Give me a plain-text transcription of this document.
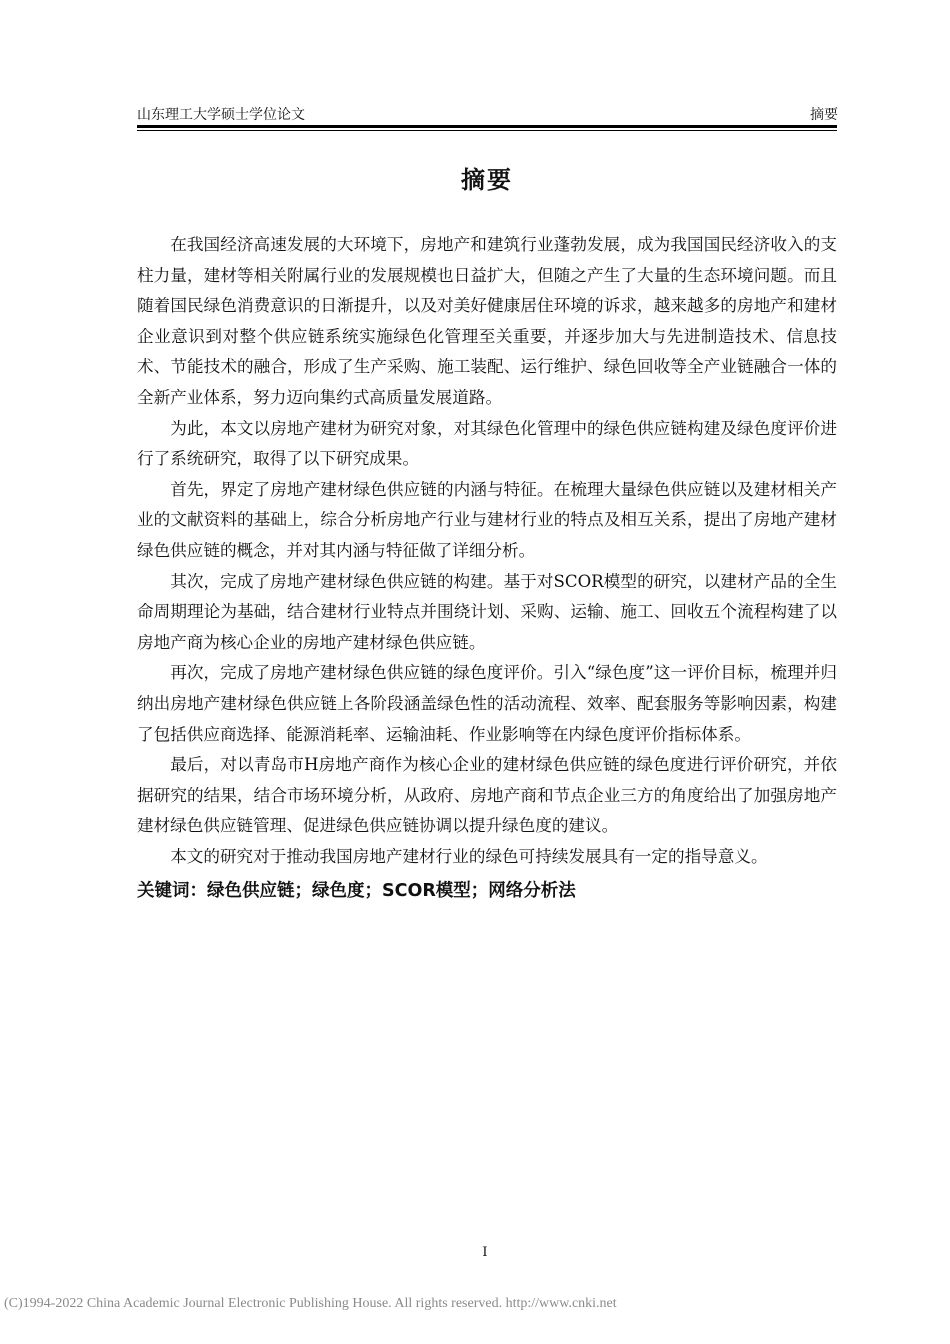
山东理工大学硕士学位论文	摘要
摘要

在我国经济高速发展的大环境下，房地产和建筑行业蓬勃发展，成为我国国民经济收入的支柱力量，建材等相关附属行业的发展规模也日益扩大，但随之产生了大量的生态环境问题。而且随着国民绿色消费意识的日渐提升，以及对美好健康居住环境的诉求，越来越多的房地产和建材企业意识到对整个供应链系统实施绿色化管理至关重要，并逐步加大与先进制造技术、信息技术、节能技术的融合，形成了生产采购、施工装配、运行维护、绿色回收等全产业链融合一体的全新产业体系，努力迈向集约式高质量发展道路。

为此，本文以房地产建材为研究对象，对其绿色化管理中的绿色供应链构建及绿色度评价进行了系统研究，取得了以下研究成果。

首先，界定了房地产建材绿色供应链的内涵与特征。在梳理大量绿色供应链以及建材相关产业的文献资料的基础上，综合分析房地产行业与建材行业的特点及相互关系，提出了房地产建材绿色供应链的概念，并对其内涵与特征做了详细分析。

其次，完成了房地产建材绿色供应链的构建。基于对SCOR模型的研究，以建材产品的全生命周期理论为基础，结合建材行业特点并围绕计划、采购、运输、施工、回收五个流程构建了以房地产商为核心企业的房地产建材绿色供应链。

再次，完成了房地产建材绿色供应链的绿色度评价。引入“绿色度”这一评价目标，梳理并归纳出房地产建材绿色供应链上各阶段涵盖绿色性的活动流程、效率、配套服务等影响因素，构建了包括供应商选择、能源消耗率、运输油耗、作业影响等在内绿色度评价指标体系。

最后，对以青岛市H房地产商作为核心企业的建材绿色供应链的绿色度进行评价研究，并依据研究的结果，结合市场环境分析，从政府、房地产商和节点企业三方的角度给出了加强房地产建材绿色供应链管理、促进绿色供应链协调以提升绿色度的建议。

本文的研究对于推动我国房地产建材行业的绿色可持续发展具有一定的指导意义。

关键词：绿色供应链；绿色度；SCOR模型；网络分析法
I
(C)1994-2022 China Academic Journal Electronic Publishing House. All rights reserved. http://www.cnki.net
